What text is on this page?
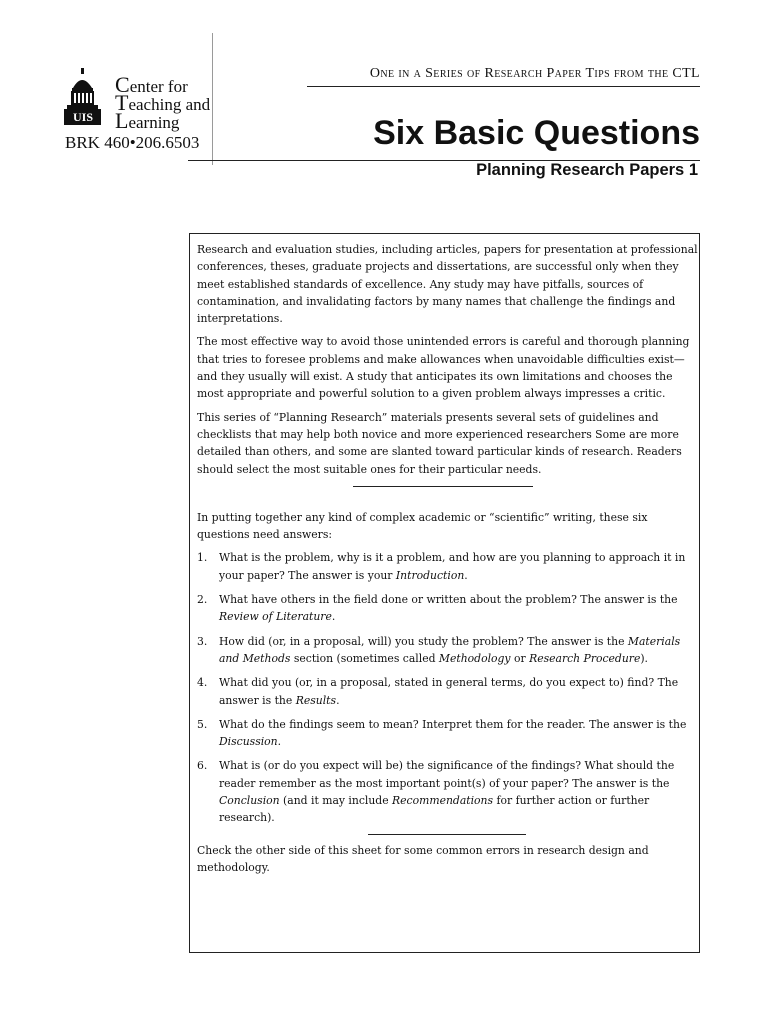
UIS
Center for
Teaching and
Learning
BRK 460•206.6503
One in a Series of Research Paper Tips from the CTL
Six Basic Questions
Planning Research Papers 1

Research and evaluation studies, including articles, papers for presentation at professional conferences, theses, graduate projects and dissertations, are successful only when they meet established standards of excellence. Any study may have pitfalls, sources of contamination, and invalidating factors by many names that challenge the findings and interpretations.

The most effective way to avoid those unintended errors is careful and thorough planning that tries to foresee problems and make allowances when unavoidable difficulties exist—and they usually will exist. A study that anticipates its own limitations and chooses the most appropriate and powerful solution to a given problem always impresses a critic.

This series of “Planning Research” materials presents several sets of guidelines and checklists that may help both novice and more experienced researchers Some are more detailed than others, and some are slanted toward particular kinds of research. Readers should select the most suitable ones for their particular needs.

In putting together any kind of complex academic or “scientific” writing, these six questions need answers:

1 .	What is the problem, why is it a problem, and how are you planning to approach it in your paper? The answer is your Introduction.
2 .	What have others in the field done or written about the problem? The answer is the Review of Literature.
3 .	How did (or, in a proposal, will) you study the problem? The answer is the Materials and Methods section (sometimes called Methodology or Research Procedure).
4 .	What did you (or, in a proposal, stated in general terms, do you expect to) find? The answer is the Results.
5 .	What do the findings seem to mean? Interpret them for the reader. The answer is the Discussion.
6 .	What is (or do you expect will be) the significance of the findings? What should the reader remember as the most important point(s) of your paper? The answer is the Conclusion (and it may include Recommendations for further action or further research).

Check the other side of this sheet for some common errors in research design and methodology.
